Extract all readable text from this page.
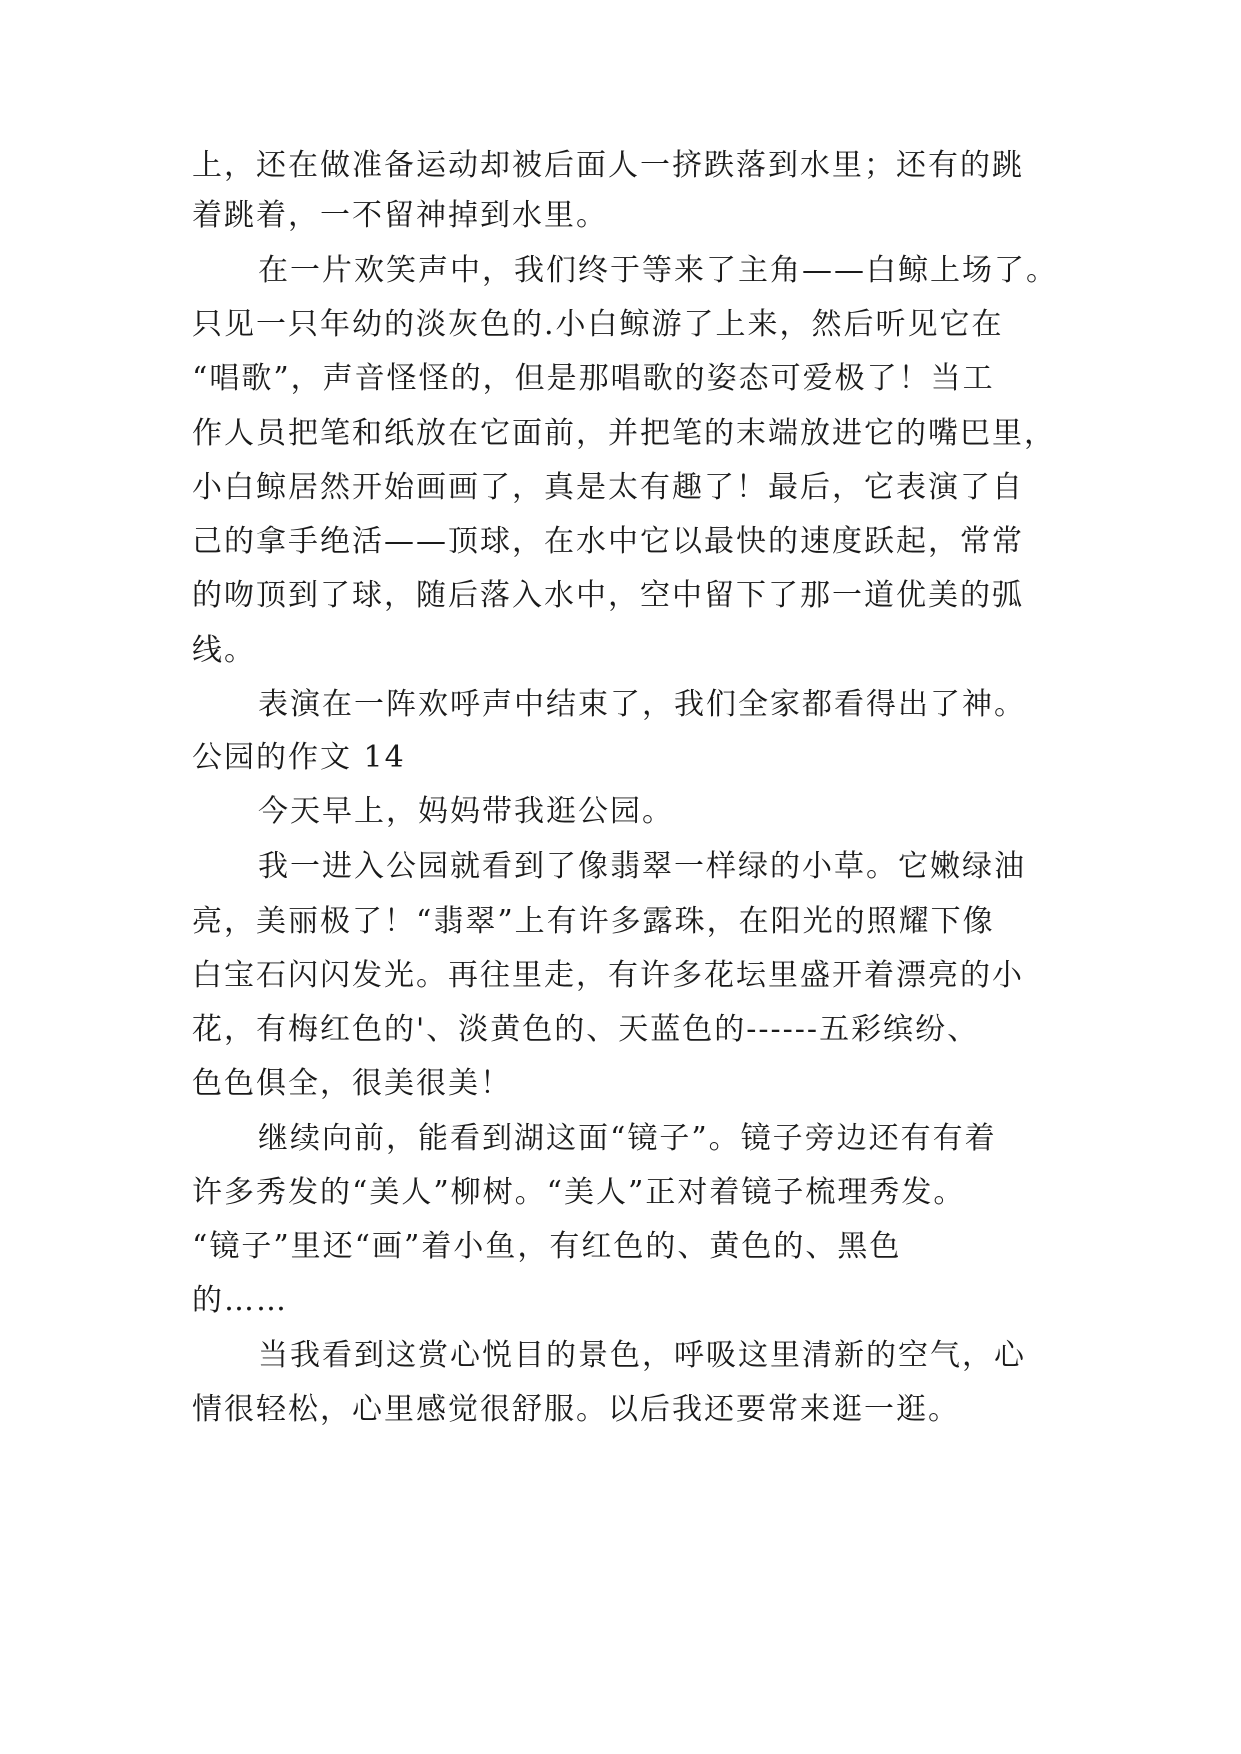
上，还在做准备运动却被后面人一挤跌落到水里；还有的跳
着跳着，一不留神掉到水里。
在一片欢笑声中，我们终于等来了主角——白鲸上场了。
只见一只年幼的淡灰色的.小白鲸游了上来，然后听见它在
“唱歌”，声音怪怪的，但是那唱歌的姿态可爱极了！当工
作人员把笔和纸放在它面前，并把笔的末端放进它的嘴巴里，
小白鲸居然开始画画了，真是太有趣了！最后，它表演了自
己的拿手绝活——顶球，在水中它以最快的速度跃起，常常
的吻顶到了球，随后落入水中，空中留下了那一道优美的弧
线。
表演在一阵欢呼声中结束了，我们全家都看得出了神。
公园的作文 14
今天早上，妈妈带我逛公园。
我一进入公园就看到了像翡翠一样绿的小草。它嫩绿油
亮，美丽极了！“翡翠”上有许多露珠，在阳光的照耀下像
白宝石闪闪发光。再往里走，有许多花坛里盛开着漂亮的小
花，有梅红色的'、淡黄色的、天蓝色的------五彩缤纷、
色色俱全，很美很美！
继续向前，能看到湖这面“镜子”。镜子旁边还有有着
许多秀发的“美人”柳树。“美人”正对着镜子梳理秀发。
“镜子”里还“画”着小鱼，有红色的、黄色的、黑色
的……
当我看到这赏心悦目的景色，呼吸这里清新的空气，心
情很轻松，心里感觉很舒服。以后我还要常来逛一逛。
